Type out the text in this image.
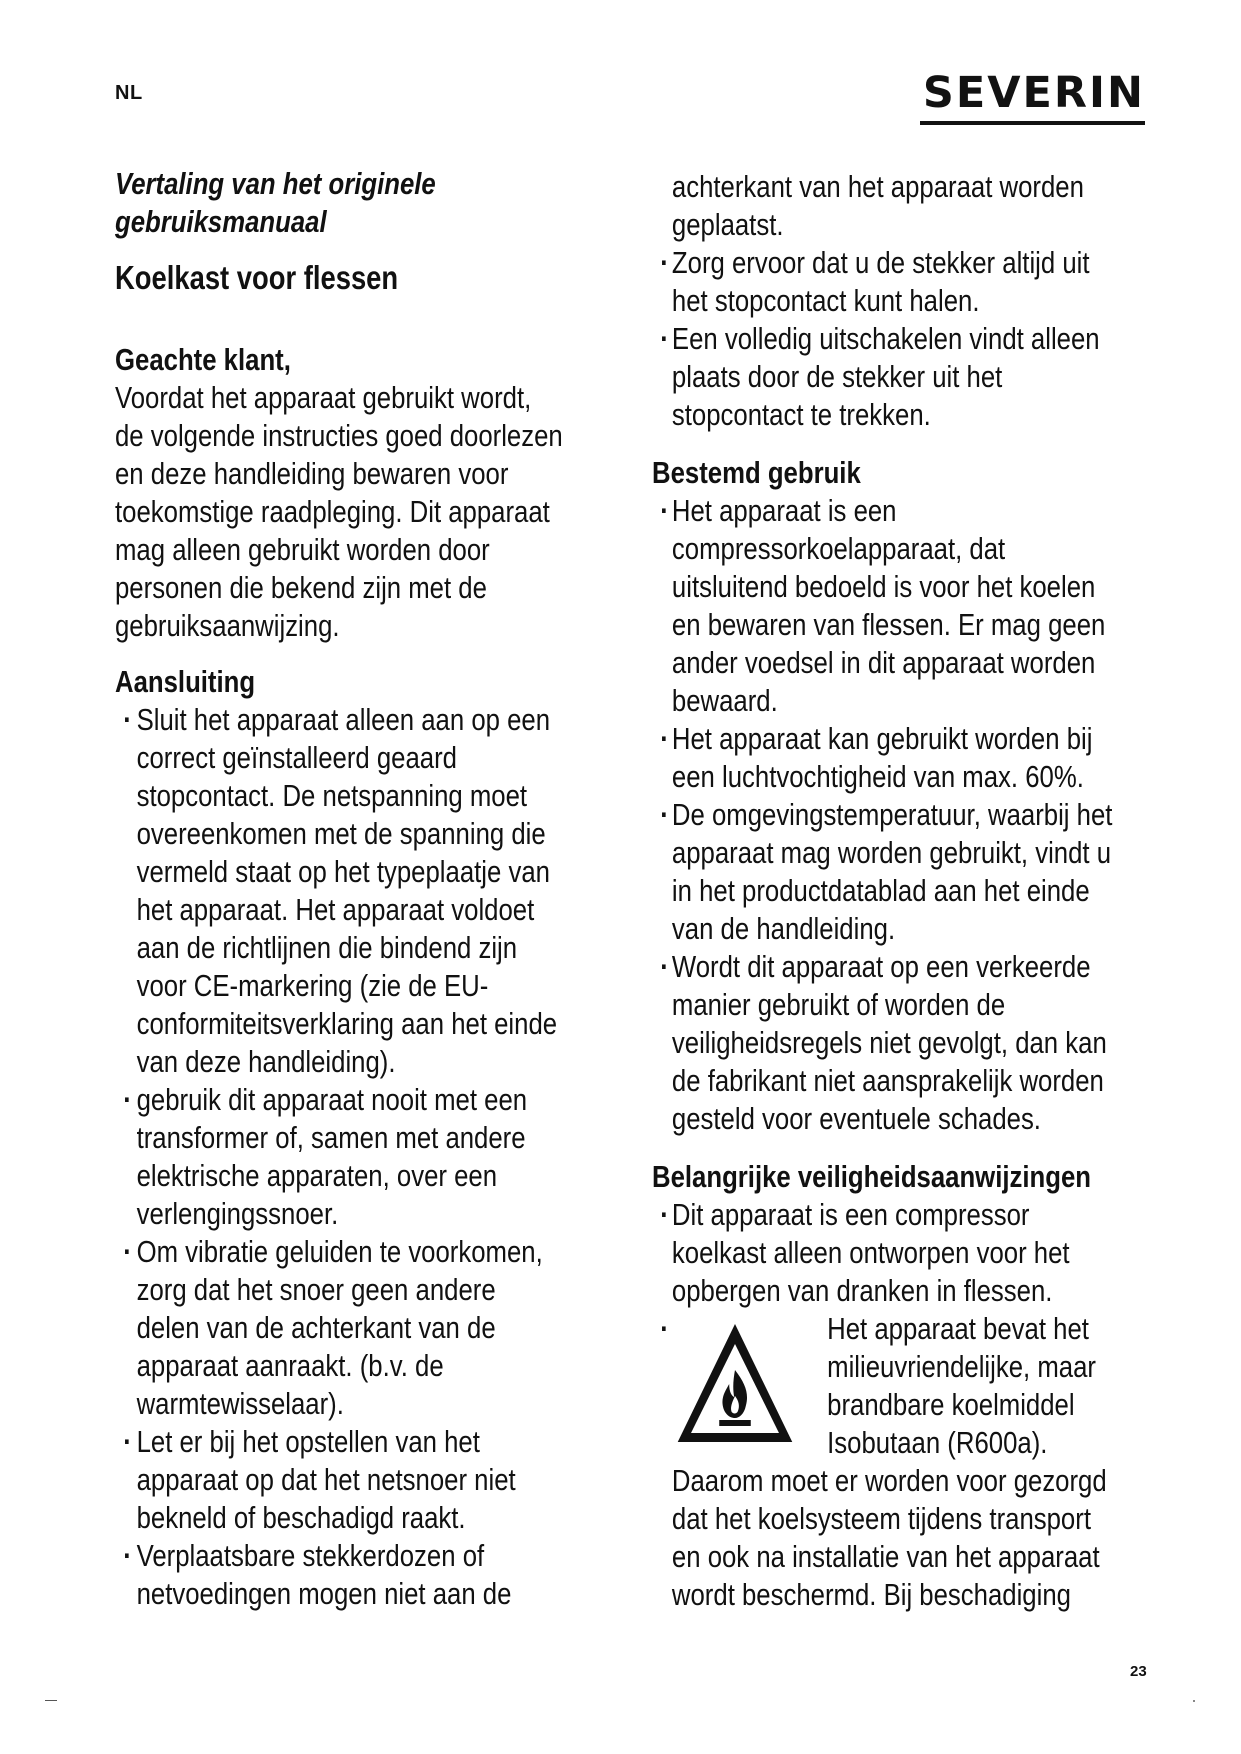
NL	SEVERIN

Vertaling van het originele gebruiksmanuaal

Koelkast voor flessen

Geachte klant,

Voordat het apparaat gebruikt wordt, de volgende instructies goed doorlezen en deze handleiding bewaren voor toekomstige raadpleging. Dit apparaat mag alleen gebruikt worden door personen die bekend zijn met de gebruiksaanwijzing.

Aansluiting

· Sluit het apparaat alleen aan op een correct geïnstalleerd geaard stopcontact. De netspanning moet overeenkomen met de spanning die vermeld staat op het typeplaatje van het apparaat. Het apparaat voldoet aan de richtlijnen die bindend zijn voor CE-markering (zie de EU-conformiteitsverklaring aan het einde van deze handleiding).
· gebruik dit apparaat nooit met een transformer of, samen met andere elektrische apparaten, over een verlengingssnoer.
· Om vibratie geluiden te voorkomen, zorg dat het snoer geen andere delen van de achterkant van de apparaat aanraakt. (b.v. de warmtewisselaar).
· Let er bij het opstellen van het apparaat op dat het netsnoer niet bekneld of beschadigd raakt.
· Verplaatsbare stekkerdozen of netvoedingen mogen niet aan de

achterkant van het apparaat worden geplaatst.

· Zorg ervoor dat u de stekker altijd uit het stopcontact kunt halen.
· Een volledig uitschakelen vindt alleen plaats door de stekker uit het stopcontact te trekken.

Bestemd gebruik

· Het apparaat is een compressorkoelapparaat, dat uitsluitend bedoeld is voor het koelen en bewaren van flessen. Er mag geen ander voedsel in dit apparaat worden bewaard.
· Het apparaat kan gebruikt worden bij een luchtvochtigheid van max. 60%.
· De omgevingstemperatuur, waarbij het apparaat mag worden gebruikt, vindt u in het productdatablad aan het einde van de handleiding.
· Wordt dit apparaat op een verkeerde manier gebruikt of worden de veiligheidsregels niet gevolgt, dan kan de fabrikant niet aansprakelijk worden gesteld voor eventuele schades.

Belangrijke veiligheidsaanwijzingen

· Dit apparaat is een compressor koelkast alleen ontworpen voor het opbergen van dranken in flessen.
·	Het apparaat bevat het milieuvriendelijke, maar brandbare koelmiddel Isobutaan (R600a).

Daarom moet er worden voor gezorgd dat het koelsysteem tijdens transport en ook na installatie van het apparaat wordt beschermd. Bij beschadiging

23
